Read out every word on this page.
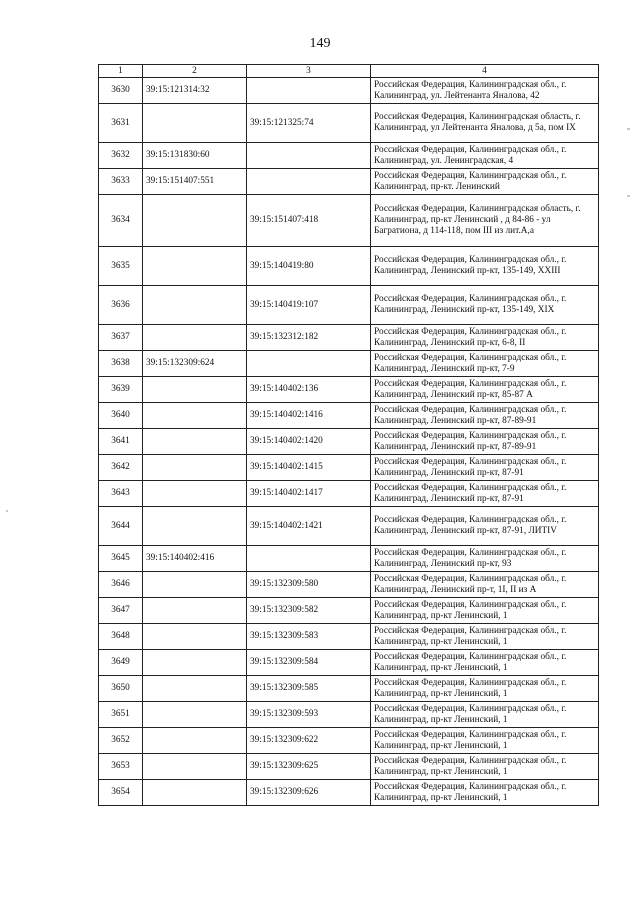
149
1	2	3	4
3630	39:15:121314:32		Российская Федерация, Калининградская обл., г. Калининград, ул. Лейтенанта Яналова, 42
3631		39:15:121325:74	Российская Федерация, Калининградская область, г. Калининград, ул Лейтенанта Яналова, д 5а, пом IX
3632	39:15:131830:60		Российская Федерация, Калининградская обл., г. Калининград, ул. Ленинградская, 4
3633	39:15:151407:551		Российская Федерация, Калининградская обл., г. Калининград, пр-кт. Ленинский
3634		39:15:151407:418	Российская Федерация, Калининградская область, г. Калининград, пр-кт Ленинский , д 84-86 - ул Багратиона, д 114-118, пом III из лит.А,а
3635		39:15:140419:80	Российская Федерация, Калининградская обл., г. Калининград, Ленинский пр-кт, 135-149, XXIII
3636		39:15:140419:107	Российская Федерация, Калининградская обл., г. Калининград, Ленинский пр-кт, 135-149, XIX
3637		39:15:132312:182	Российская Федерация, Калининградская обл., г. Калининград, Ленинский пр-кт, 6-8, II
3638	39:15:132309:624		Российская Федерация, Калининградская обл., г. Калининград, Ленинский пр-кт, 7-9
3639		39:15:140402:136	Российская Федерация, Калининградская обл., г. Калининград, Ленинский пр-кт, 85-87 А
3640		39:15:140402:1416	Российская Федерация, Калининградская обл., г. Калининград, Ленинский пр-кт, 87-89-91
3641		39:15:140402:1420	Российская Федерация, Калининградская обл., г. Калининград, Ленинский пр-кт, 87-89-91
3642		39:15:140402:1415	Российская Федерация, Калининградская обл., г. Калининград, Ленинский пр-кт, 87-91
3643		39:15:140402:1417	Российская Федерация, Калининградская обл., г. Калининград, Ленинский пр-кт, 87-91
3644		39:15:140402:1421	Российская Федерация, Калининградская обл., г. Калининград, Ленинский пр-кт, 87-91, ЛИТIV
3645	39:15:140402:416		Российская Федерация, Калининградская обл., г. Калининград, Ленинский пр-кт, 93
3646		39:15:132309:580	Российская Федерация, Калининградская обл., г. Калининград, Ленинский пр-т, 1I, II из А
3647		39:15:132309:582	Российская Федерация, Калининградская обл., г. Калининград, пр-кт Ленинский, 1
3648		39:15:132309:583	Российская Федерация, Калининградская обл., г. Калининград, пр-кт Ленинский, 1
3649		39:15:132309:584	Российская Федерация, Калининградская обл., г. Калининград, пр-кт Ленинский, 1
3650		39:15:132309:585	Российская Федерация, Калининградская обл., г. Калининград, пр-кт Ленинский, 1
3651		39:15:132309:593	Российская Федерация, Калининградская обл., г. Калининград, пр-кт Ленинский, 1
3652		39:15:132309:622	Российская Федерация, Калининградская обл., г. Калининград, пр-кт Ленинский, 1
3653		39:15:132309:625	Российская Федерация, Калининградская обл., г. Калининград, пр-кт Ленинский, 1
3654		39:15:132309:626	Российская Федерация, Калининградская обл., г. Калининград, пр-кт Ленинский, 1
